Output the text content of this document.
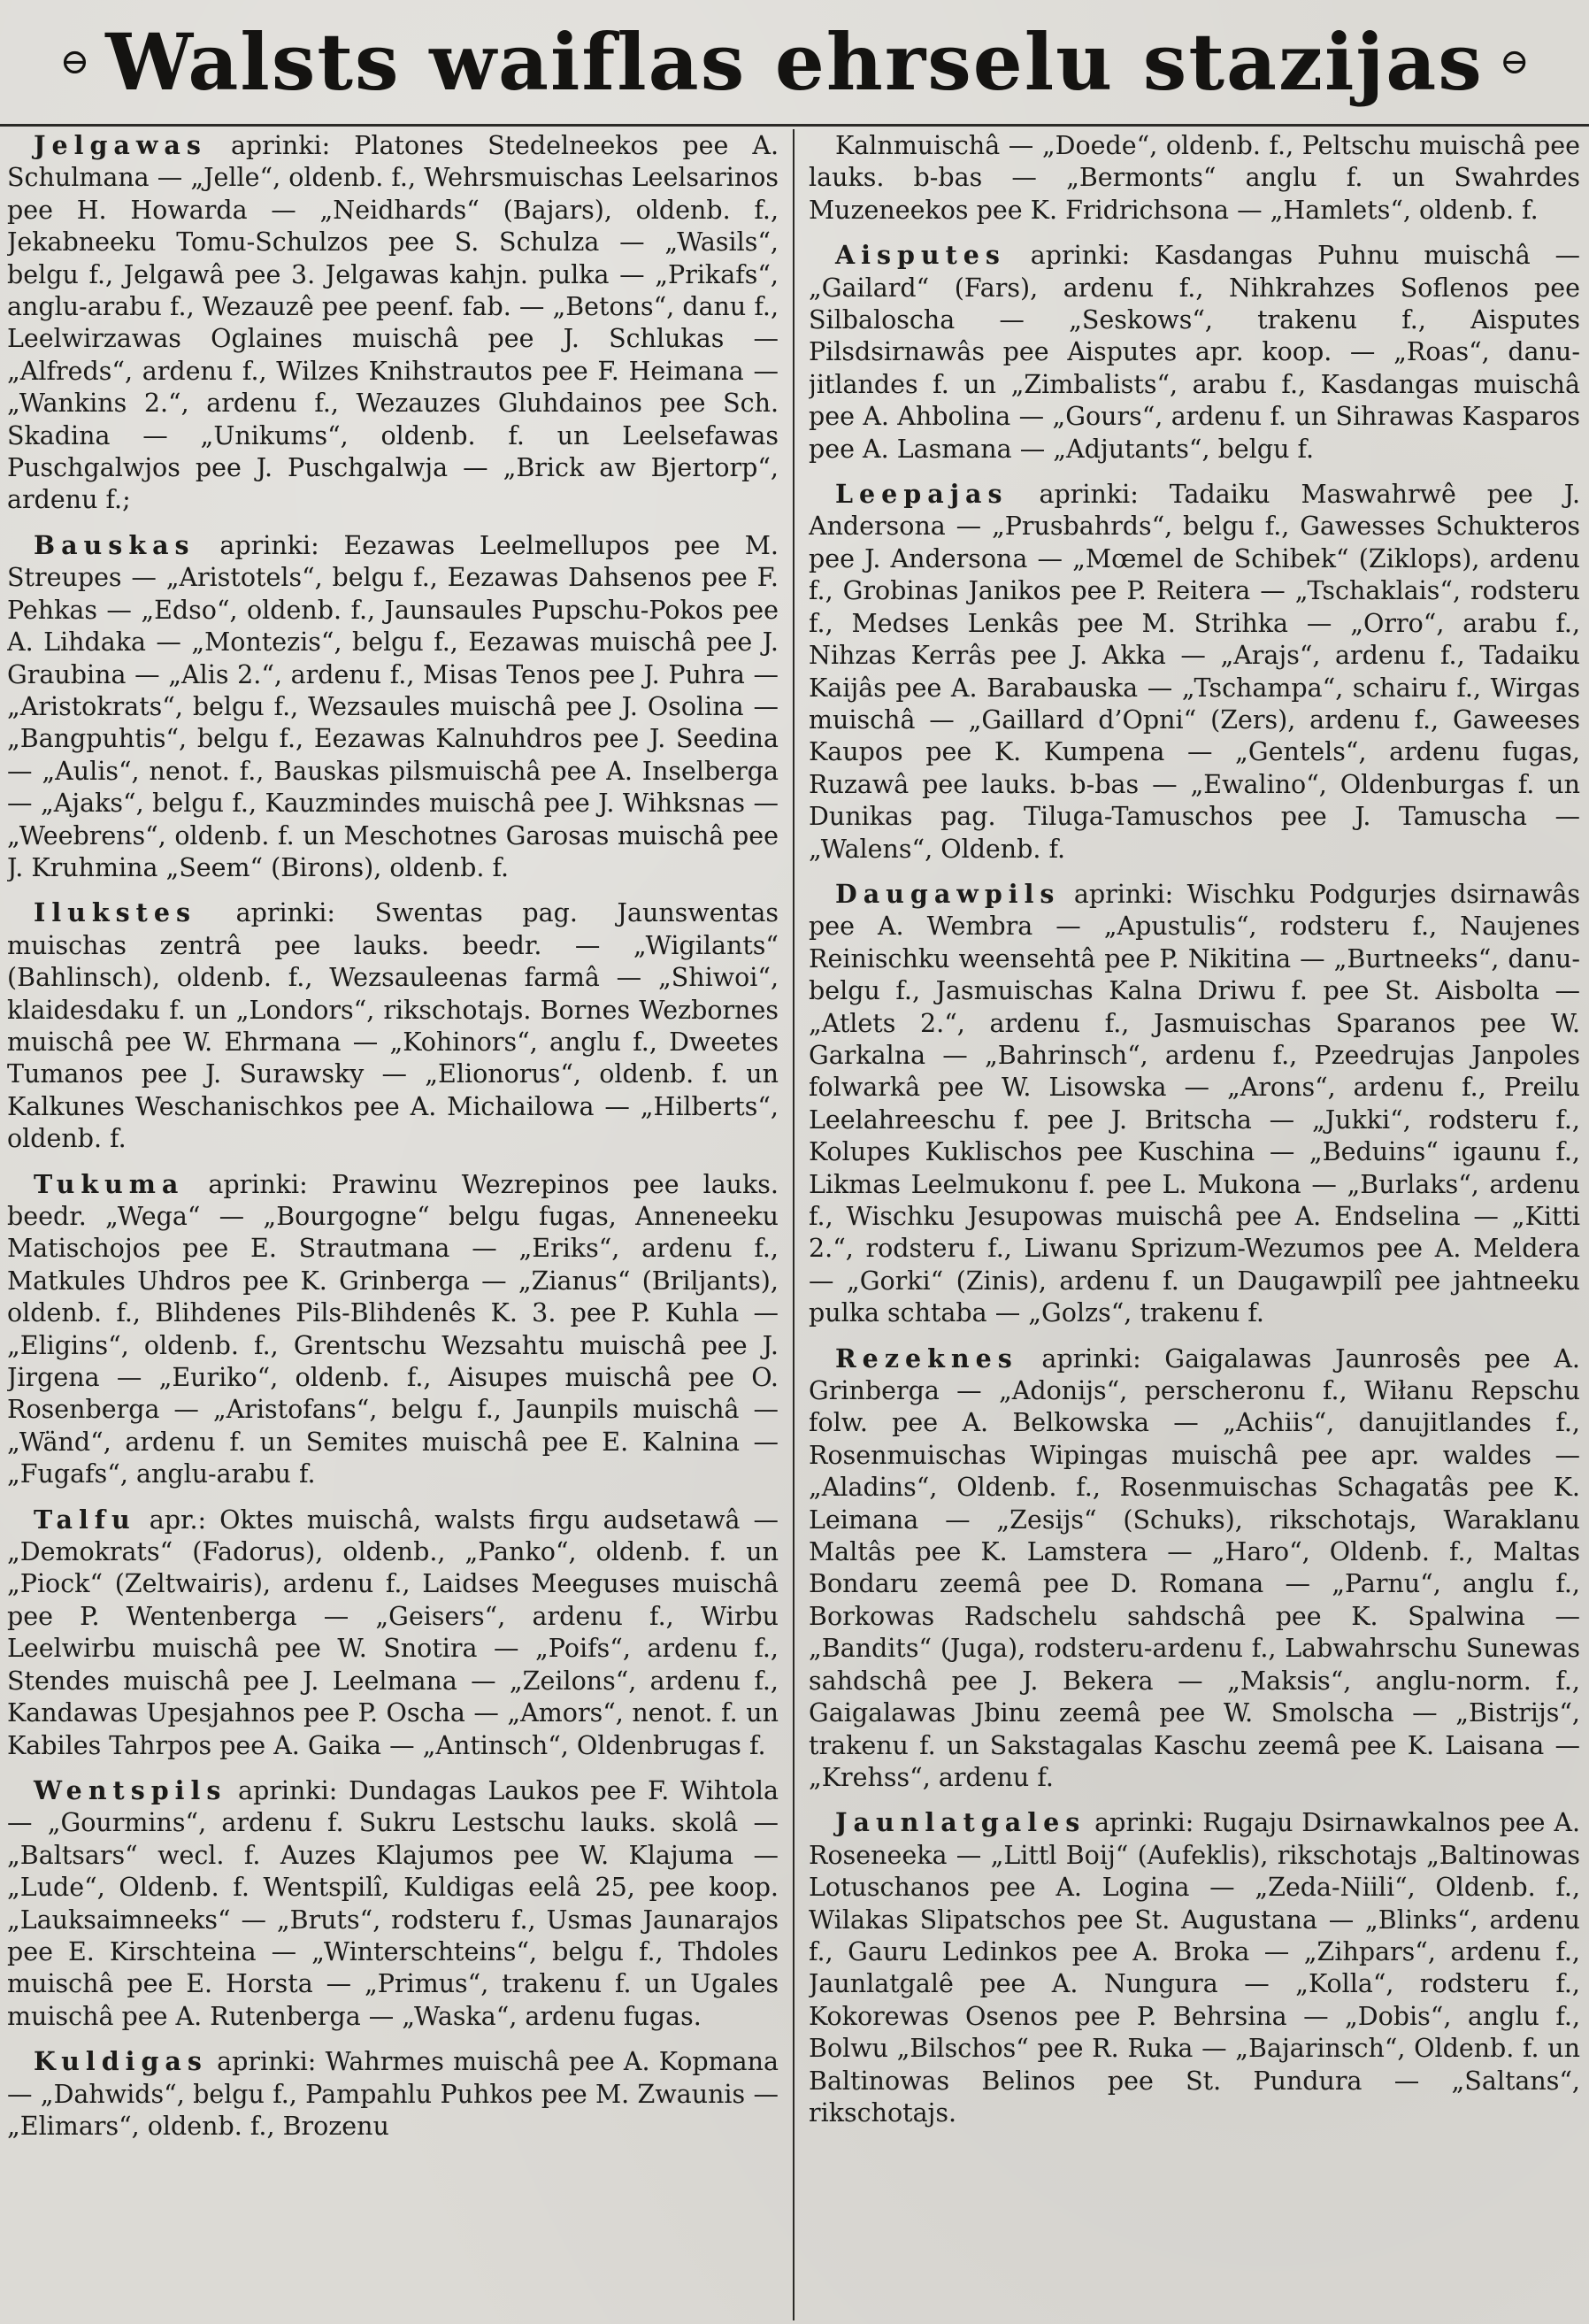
⊖ Walsts waiflas ehrselu stazijas ⊖

Jelgawas aprinki: Platones Stedelneekos pee A. Schulmana — „Jelle“, oldenb. f., Wehrsmuischas Leelsarinos pee H. Howarda — „Neidhards“ (Bajars), oldenb. f., Jekabneeku Tomu-Schulzos pee S. Schulza — „Wasils“, belgu f., Jelgawâ pee 3. Jelgawas kahjn. pulka — „Prikafs“, anglu-arabu f., Wezauzê pee peenf. fab. — „Betons“, danu f., Leelwirzawas Oglaines muischâ pee J. Schlukas — „Alfreds“, ardenu f., Wilzes Knihstrautos pee F. Heimana — „Wankins 2.“, ardenu f., Wezauzes Gluhdainos pee Sch. Skadina — „Unikums“, oldenb. f. un Leelsefawas Puschgalwjos pee J. Puschgalwja — „Brick aw Bjertorp“, ardenu f.;

Bauskas aprinki: Eezawas Leelmellupos pee M. Streupes — „Aristotels“, belgu f., Eezawas Dahsenos pee F. Pehkas — „Edso“, oldenb. f., Jaunsaules Pupschu-Pokos pee A. Lihdaka — „Montezis“, belgu f., Eezawas muischâ pee J. Graubina — „Alis 2.“, ardenu f., Misas Tenos pee J. Puhra — „Aristokrats“, belgu f., Wezsaules muischâ pee J. Osolina — „Bangpuhtis“, belgu f., Eezawas Kalnuhdros pee J. Seedina — „Aulis“, nenot. f., Bauskas pilsmuischâ pee A. Inselberga — „Ajaks“, belgu f., Kauzmindes muischâ pee J. Wihksnas — „Weebrens“, oldenb. f. un Meschotnes Garosas muischâ pee J. Kruhmina „Seem“ (Birons), oldenb. f.

Ilukstes aprinki: Swentas pag. Jaunswentas muischas zentrâ pee lauks. beedr. — „Wigilants“ (Bahlinsch), oldenb. f., Wezsauleenas farmâ — „Shiwoi“, klaidesdaku f. un „Londors“, rikschotajs. Bornes Wezbornes muischâ pee W. Ehrmana — „Kohinors“, anglu f., Dweetes Tumanos pee J. Surawsky — „Elionorus“, oldenb. f. un Kalkunes Weschanischkos pee A. Michailowa — „Hilberts“, oldenb. f.

Tukuma aprinki: Prawinu Wezrepinos pee lauks. beedr. „Wega“ — „Bourgogne“ belgu fugas, Anneneeku Matischojos pee E. Strautmana — „Eriks“, ardenu f., Matkules Uhdros pee K. Grinberga — „Zianus“ (Briljants), oldenb. f., Blihdenes Pils-Blihdenês K. 3. pee P. Kuhla — „Eligins“, oldenb. f., Grentschu Wezsahtu muischâ pee J. Jirgena — „Euriko“, oldenb. f., Aisupes muischâ pee O. Rosenberga — „Aristofans“, belgu f., Jaunpils muischâ — „Wänd“, ardenu f. un Semites muischâ pee E. Kalnina — „Fugafs“, anglu-arabu f.

Talfu apr.: Oktes muischâ, walsts firgu audsetawâ — „Demokrats“ (Fadorus), oldenb., „Panko“, oldenb. f. un „Piock“ (Zeltwairis), ardenu f., Laidses Meeguses muischâ pee P. Wentenberga — „Geisers“, ardenu f., Wirbu Leelwirbu muischâ pee W. Snotira — „Poifs“, ardenu f., Stendes muischâ pee J. Leelmana — „Zeilons“, ardenu f., Kandawas Upesjahnos pee P. Oscha — „Amors“, nenot. f. un Kabiles Tahrpos pee A. Gaika — „Antinsch“, Oldenbrugas f.

Wentspils aprinki: Dundagas Laukos pee F. Wihtola — „Gourmins“, ardenu f. Sukru Lestschu lauks. skolâ — „Baltsars“ wecl. f. Auzes Klajumos pee W. Klajuma — „Lude“, Oldenb. f. Wentspilî, Kuldigas eelâ 25, pee koop. „Lauksaimneeks“ — „Bruts“, rodsteru f., Usmas Jaunarajos pee E. Kirschteina — „Winterschteins“, belgu f., Thdoles muischâ pee E. Horsta — „Primus“, trakenu f. un Ugales muischâ pee A. Rutenberga — „Waska“, ardenu fugas.

Kuldigas aprinki: Wahrmes muischâ pee A. Kopmana — „Dahwids“, belgu f., Pampahlu Puhkos pee M. Zwaunis — „Elimars“, oldenb. f., Brozenu

Kalnmuischâ — „Doede“, oldenb. f., Peltschu muischâ pee lauks. b-bas — „Bermonts“ anglu f. un Swahrdes Muzeneekos pee K. Fridrichsona — „Hamlets“, oldenb. f.

Aisputes aprinki: Kasdangas Puhnu muischâ — „Gailard“ (Fars), ardenu f., Nihkrahzes Soflenos pee Silbaloscha — „Seskows“, trakenu f., Aisputes Pilsdsirnawâs pee Aisputes apr. koop. — „Roas“, danu-jitlandes f. un „Zimbalists“, arabu f., Kasdangas muischâ pee A. Ahbolina — „Gours“, ardenu f. un Sihrawas Kasparos pee A. Lasmana — „Adjutants“, belgu f.

Leepajas aprinki: Tadaiku Maswahrwê pee J. Andersona — „Prusbahrds“, belgu f., Gawesses Schukteros pee J. Andersona — „Mœmel de Schibek“ (Ziklops), ardenu f., Grobinas Janikos pee P. Reitera — „Tschaklais“, rodsteru f., Medses Lenkâs pee M. Strihka — „Orro“, arabu f., Nihzas Kerrâs pee J. Akka — „Arajs“, ardenu f., Tadaiku Kaijâs pee A. Barabauska — „Tschampa“, schairu f., Wirgas muischâ — „Gaillard d’Opni“ (Zers), ardenu f., Gaweeses Kaupos pee K. Kumpena — „Gentels“, ardenu fugas, Ruzawâ pee lauks. b-bas — „Ewalino“, Oldenburgas f. un Dunikas pag. Tiluga-Tamuschos pee J. Tamuscha — „Walens“, Oldenb. f.

Daugawpils aprinki: Wischku Podgurjes dsirnawâs pee A. Wembra — „Apustulis“, rodsteru f., Naujenes Reinischku weensehtâ pee P. Nikitina — „Burtneeks“, danu-belgu f., Jasmuischas Kalna Driwu f. pee St. Aisbolta — „Atlets 2.“, ardenu f., Jasmuischas Sparanos pee W. Garkalna — „Bahrinsch“, ardenu f., Pzeedrujas Janpoles folwarkâ pee W. Lisowska — „Arons“, ardenu f., Preilu Leelahreeschu f. pee J. Britscha — „Jukki“, rodsteru f., Kolupes Kuklischos pee Kuschina — „Beduins“ igaunu f., Likmas Leelmukonu f. pee L. Mukona — „Burlaks“, ardenu f., Wischku Jesupowas muischâ pee A. Endselina — „Kitti 2.“, rodsteru f., Liwanu Sprizum-Wezumos pee A. Meldera — „Gorki“ (Zinis), ardenu f. un Daugawpilî pee jahtneeku pulka schtaba — „Golzs“, trakenu f.

Rezeknes aprinki: Gaigalawas Jaunrosês pee A. Grinberga — „Adonijs“, perscheronu f., Wiłanu Repschu folw. pee A. Belkowska — „Achiis“, danujitlandes f., Rosenmuischas Wipingas muischâ pee apr. waldes — „Aladins“, Oldenb. f., Rosenmuischas Schagatâs pee K. Leimana — „Zesijs“ (Schuks), rikschotajs, Waraklanu Maltâs pee K. Lamstera — „Haro“, Oldenb. f., Maltas Bondaru zeemâ pee D. Romana — „Parnu“, anglu f., Borkowas Radschelu sahdschâ pee K. Spalwina — „Bandits“ (Juga), rodsteru-ardenu f., Labwahrschu Sunewas sahdschâ pee J. Bekera — „Maksis“, anglu-norm. f., Gaigalawas Jbinu zeemâ pee W. Smolscha — „Bistrijs“, trakenu f. un Sakstagalas Kaschu zeemâ pee K. Laisana — „Krehss“, ardenu f.

Jaunlatgales aprinki: Rugaju Dsirnawkalnos pee A. Roseneeka — „Littl Boij“ (Aufeklis), rikschotajs „Baltinowas Lotuschanos pee A. Logina — „Zeda-Niili“, Oldenb. f., Wilakas Slipatschos pee St. Augustana — „Blinks“, ardenu f., Gauru Ledinkos pee A. Broka — „Zihpars“, ardenu f., Jaunlatgalê pee A. Nungura — „Kolla“, rodsteru f., Kokorewas Osenos pee P. Behrsina — „Dobis“, anglu f., Bolwu „Bilschos“ pee R. Ruka — „Bajarinsch“, Oldenb. f. un Baltinowas Belinos pee St. Pundura — „Saltans“, rikschotajs.
